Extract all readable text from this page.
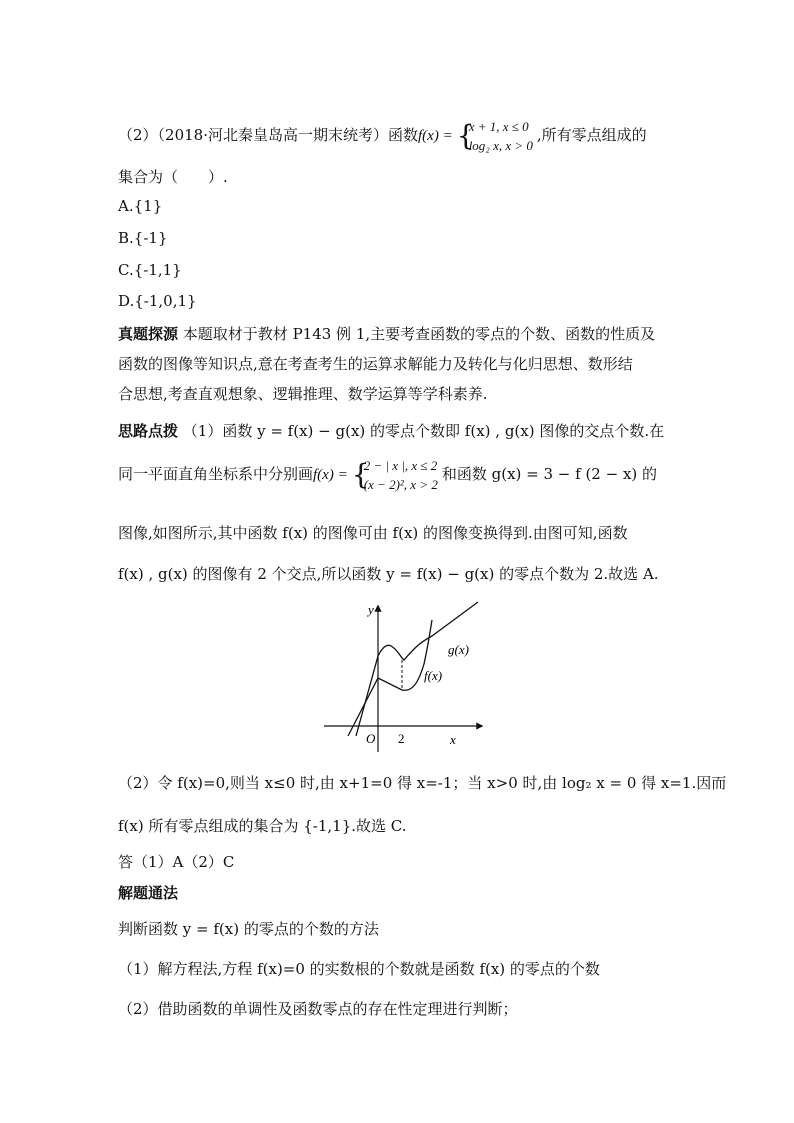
（2）（2018·河北秦皇岛高一期末统考）函数f(x) = {
x + 1, x ≤ 0
log₂ x, x > 0
,所有零点组成的
集合为（　　）.
A.{1}
B.{-1}
C.{-1,1}
D.{-1,0,1}
真题探源 本题取材于教材 P143 例 1,主要考查函数的零点的个数、函数的性质及
函数的图像等知识点,意在考查考生的运算求解能力及转化与化归思想、数形结
合思想,考查直观想象、逻辑推理、数学运算等学科素养.
思路点拨 （1）函数 y = f(x) − g(x) 的零点个数即 f(x) , g(x) 图像的交点个数.在
同一平面直角坐标系中分别画f(x) = {
2 − | x |, x ≤ 2
(x − 2)², x > 2
和函数 g(x) = 3 − f (2 − x) 的
图像,如图所示,其中函数 f(x) 的图像可由 f(x) 的图像变换得到.由图可知,函数
f(x) , g(x) 的图像有 2 个交点,所以函数 y = f(x) − g(x) 的零点个数为 2.故选 A.
y
x
O 2
g(x)
f(x)
（2）令 f(x)=0,则当 x≤0 时,由 x+1=0 得 x=-1；当 x>0 时,由 log₂ x = 0 得 x=1.因而
f(x) 所有零点组成的集合为 {-1,1}.故选 C.
答（1）A（2）C
解题通法
判断函数 y = f(x) 的零点的个数的方法
（1）解方程法,方程 f(x)=0 的实数根的个数就是函数 f(x) 的零点的个数
（2）借助函数的单调性及函数零点的存在性定理进行判断；
